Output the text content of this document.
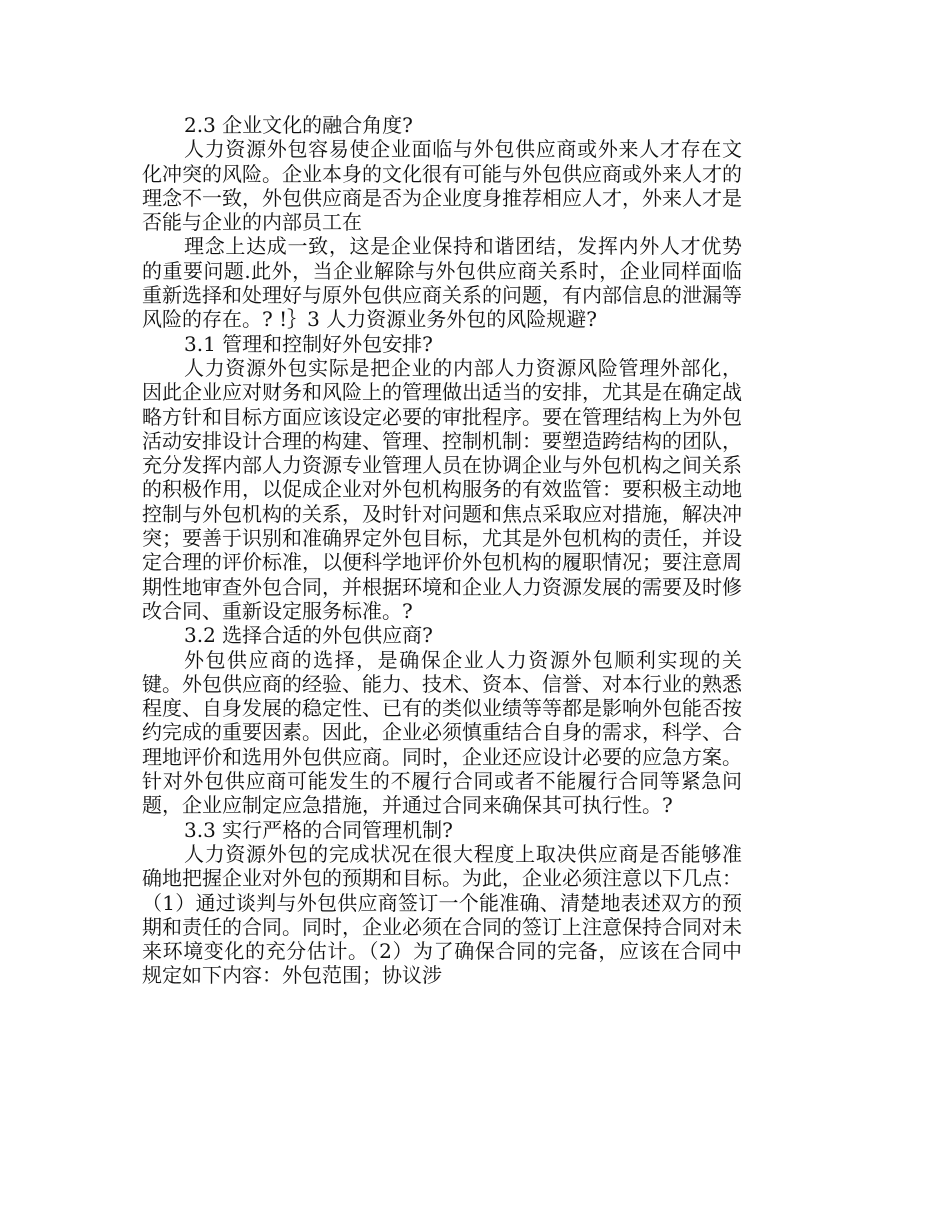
2.3 企业文化的融合角度?

人力资源外包容易使企业面临与外包供应商或外来人才存在文化冲突的风险。企业本身的文化很有可能与外包供应商或外来人才的理念不一致，外包供应商是否为企业度身推荐相应人才，外来人才是否能与企业的内部员工在

理念上达成一致，这是企业保持和谐团结，发挥内外人才优势的重要问题.此外，当企业解除与外包供应商关系时，企业同样面临重新选择和处理好与原外包供应商关系的问题，有内部信息的泄漏等风险的存在。? !｝3 人力资源业务外包的风险规避?

3.1 管理和控制好外包安排?

人力资源外包实际是把企业的内部人力资源风险管理外部化，因此企业应对财务和风险上的管理做出适当的安排，尤其是在确定战略方针和目标方面应该设定必要的审批程序。要在管理结构上为外包活动安排设计合理的构建、管理、控制机制：要塑造跨结构的团队，充分发挥内部人力资源专业管理人员在协调企业与外包机构之间关系的积极作用，以促成企业对外包机构服务的有效监管：要积极主动地控制与外包机构的关系，及时针对问题和焦点采取应对措施，解决冲突；要善于识别和准确界定外包目标，尤其是外包机构的责任，并设定合理的评价标准，以便科学地评价外包机构的履职情况；要注意周期性地审查外包合同，并根据环境和企业人力资源发展的需要及时修改合同、重新设定服务标准。?

3.2 选择合适的外包供应商?

外包供应商的选择，是确保企业人力资源外包顺利实现的关键。外包供应商的经验、能力、技术、资本、信誉、对本行业的熟悉程度、自身发展的稳定性、已有的类似业绩等等都是影响外包能否按约完成的重要因素。因此，企业必须慎重结合自身的需求，科学、合理地评价和选用外包供应商。同时，企业还应设计必要的应急方案。针对外包供应商可能发生的不履行合同或者不能履行合同等紧急问题，企业应制定应急措施，并通过合同来确保其可执行性。?

3.3 实行严格的合同管理机制?

人力资源外包的完成状况在很大程度上取决供应商是否能够准确地把握企业对外包的预期和目标。为此，企业必须注意以下几点：（1）通过谈判与外包供应商签订一个能准确、清楚地表述双方的预期和责任的合同。同时，企业必须在合同的签订上注意保持合同对未来环境变化的充分估计。（2）为了确保合同的完备，应该在合同中规定如下内容：外包范围；协议涉
